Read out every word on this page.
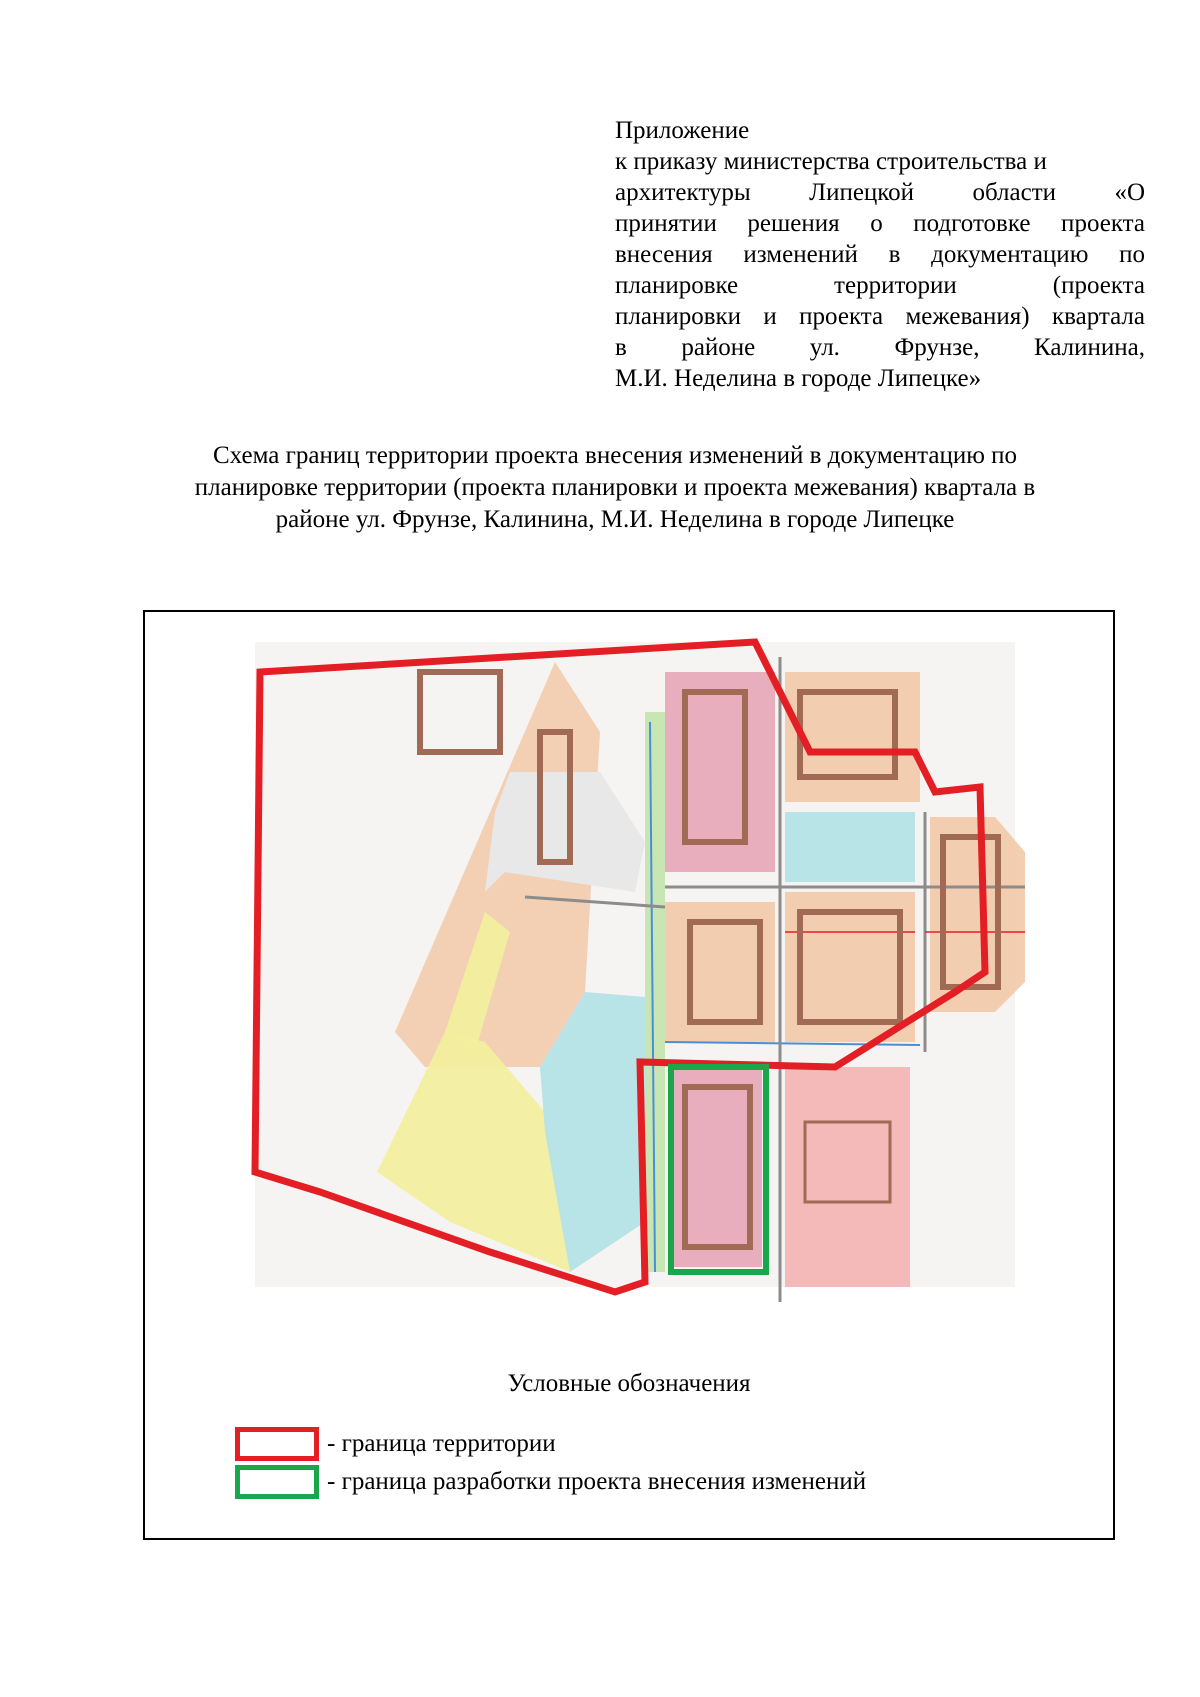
Приложение
к приказу министерства строительства и
архитектуры Липецкой области «О
принятии решения о подготовке проекта
внесения изменений в документацию по
планировке территории (проекта
планировки и проекта межевания) квартала
в районе ул. Фрунзе, Калинина,
М.И. Неделина в городе Липецке»
Схема границ территории проекта внесения изменений в документацию по
планировке территории (проекта планировки и проекта межевания) квартала в
районе ул. Фрунзе, Калинина, М.И. Неделина в городе Липецке
Условные обозначения
- граница территории
- граница разработки проекта внесения изменений
